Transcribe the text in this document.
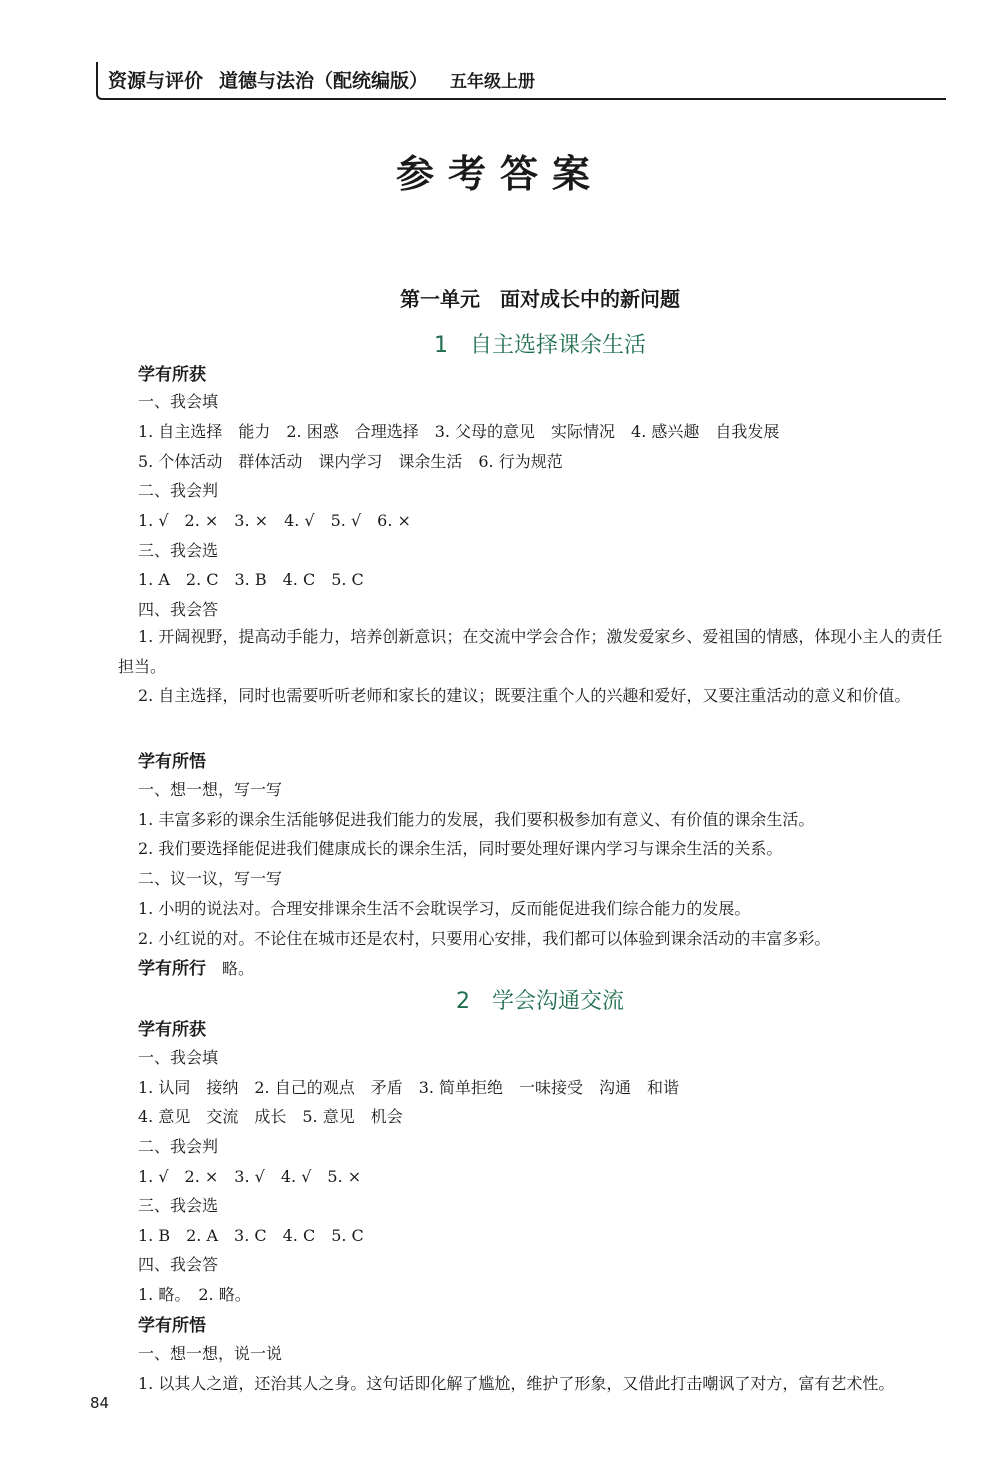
资源与评价 道德与法治（配统编版） 五年级上册
参考答案
第一单元　面对成长中的新问题
1　自主选择课余生活
学有所获
一、我会填
1. 自主选择　能力　2. 困惑　合理选择　3. 父母的意见　实际情况　4. 感兴趣　自我发展
5. 个体活动　群体活动　课内学习　课余生活　6. 行为规范
二、我会判
1. √　2. ×　3. ×　4. √　5. √　6. ×
三、我会选
1. A　2. C　3. B　4. C　5. C
四、我会答
1. 开阔视野，提高动手能力，培养创新意识；在交流中学会合作；激发爱家乡、爱祖国的情感，体现小主人的责任担当。
2. 自主选择，同时也需要听听老师和家长的建议；既要注重个人的兴趣和爱好，又要注重活动的意义和价值。
学有所悟
一、想一想，写一写
1. 丰富多彩的课余生活能够促进我们能力的发展，我们要积极参加有意义、有价值的课余生活。
2. 我们要选择能促进我们健康成长的课余生活，同时要处理好课内学习与课余生活的关系。
二、议一议，写一写
1. 小明的说法对。合理安排课余生活不会耽误学习，反而能促进我们综合能力的发展。
2. 小红说的对。不论住在城市还是农村，只要用心安排，我们都可以体验到课余活动的丰富多彩。
学有所行　 略。
2　学会沟通交流
学有所获
一、我会填
1. 认同　接纳　2. 自己的观点　矛盾　3. 简单拒绝　一味接受　沟通　和谐
4. 意见　交流　成长　5. 意见　机会
二、我会判
1. √　2. ×　3. √　4. √　5. ×
三、我会选
1. B　2. A　3. C　4. C　5. C
四、我会答
1. 略。　2. 略。
学有所悟
一、想一想，说一说
1. 以其人之道，还治其人之身。这句话即化解了尴尬，维护了形象，又借此打击嘲讽了对方，富有艺术性。
84
